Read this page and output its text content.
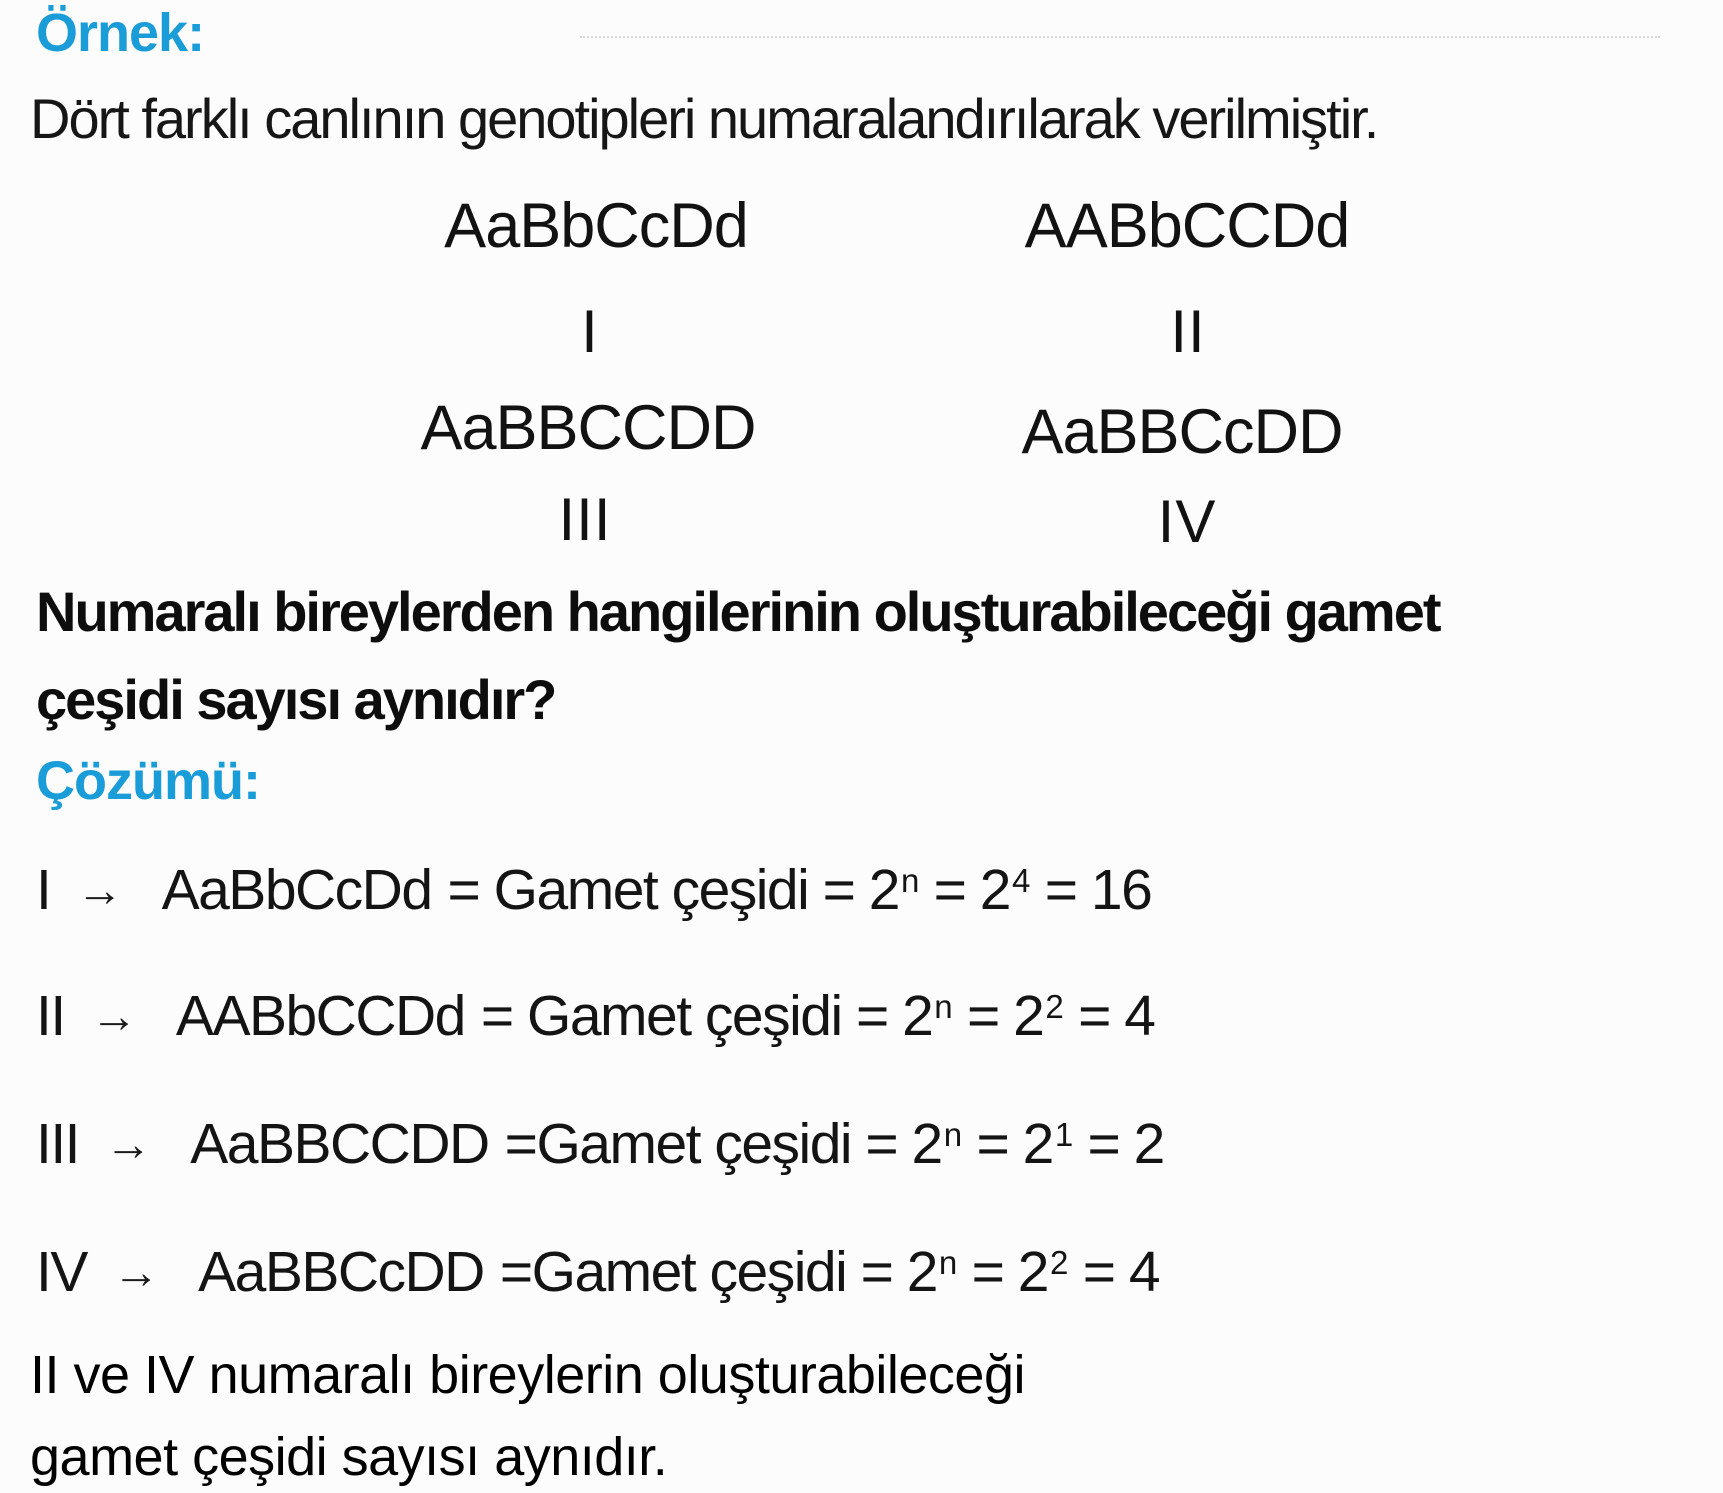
Örnek:
Dört farklı canlının genotipleri numaralandırılarak verilmiştir.
AaBbCcDd	AABbCCDd
I	II
AaBBCCDD	AaBBCcDD
III	IV
Numaralı bireylerden hangilerinin oluşturabileceği gamet
çeşidi sayısı aynıdır?
Çözümü:
I → AaBbCcDd = Gamet çeşidi = $2^n = 2^4 = 16$
II → AABbCCDd = Gamet çeşidi = $2^n = 2^2 = 4$
III → AaBBCCDD =Gamet çeşidi = $2^n = 2^1 = 2$
IV → AaBBCcDD =Gamet çeşidi = $2^n = 2^2 = 4$
II ve IV numaralı bireylerin oluşturabileceği
gamet çeşidi sayısı aynıdır.
